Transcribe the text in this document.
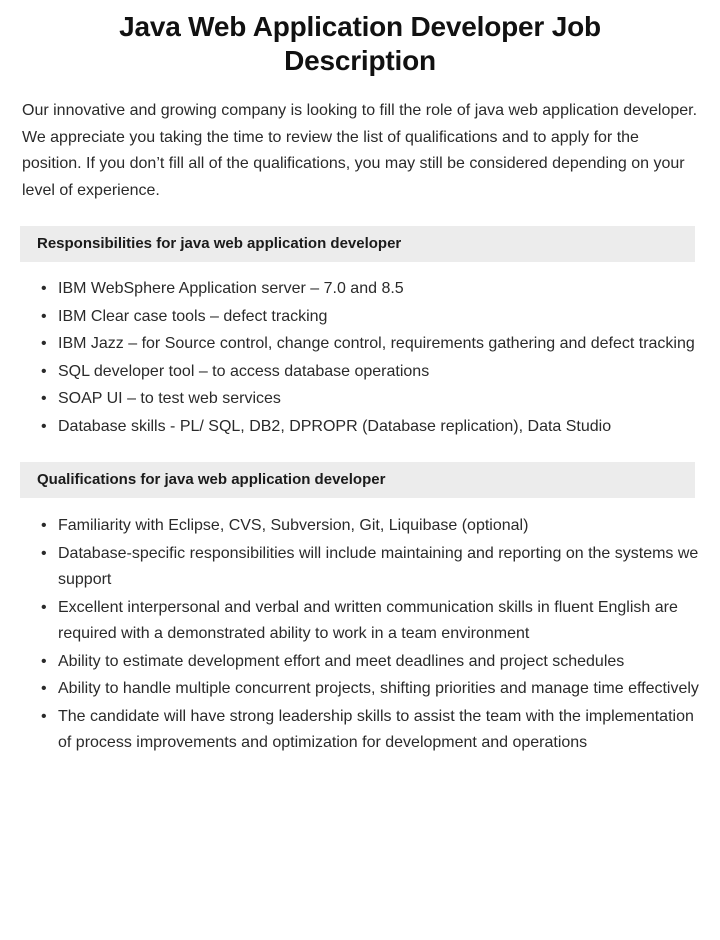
Java Web Application Developer Job Description

Our innovative and growing company is looking to fill the role of java web application developer. We appreciate you taking the time to review the list of qualifications and to apply for the position. If you don’t fill all of the qualifications, you may still be considered depending on your level of experience.

Responsibilities for java web application developer
• IBM WebSphere Application server – 7.0 and 8.5
• IBM Clear case tools – defect tracking
• IBM Jazz – for Source control, change control, requirements gathering and defect tracking
• SQL developer tool – to access database operations
• SOAP UI – to test web services
• Database skills - PL/ SQL, DB2, DPROPR (Database replication), Data Studio
Qualifications for java web application developer
• Familiarity with Eclipse, CVS, Subversion, Git, Liquibase (optional)
• Database-specific responsibilities will include maintaining and reporting on the systems we support
• Excellent interpersonal and verbal and written communication skills in fluent English are required with a demonstrated ability to work in a team environment
• Ability to estimate development effort and meet deadlines and project schedules
• Ability to handle multiple concurrent projects, shifting priorities and manage time effectively
• The candidate will have strong leadership skills to assist the team with the implementation of process improvements and optimization for development and operations
